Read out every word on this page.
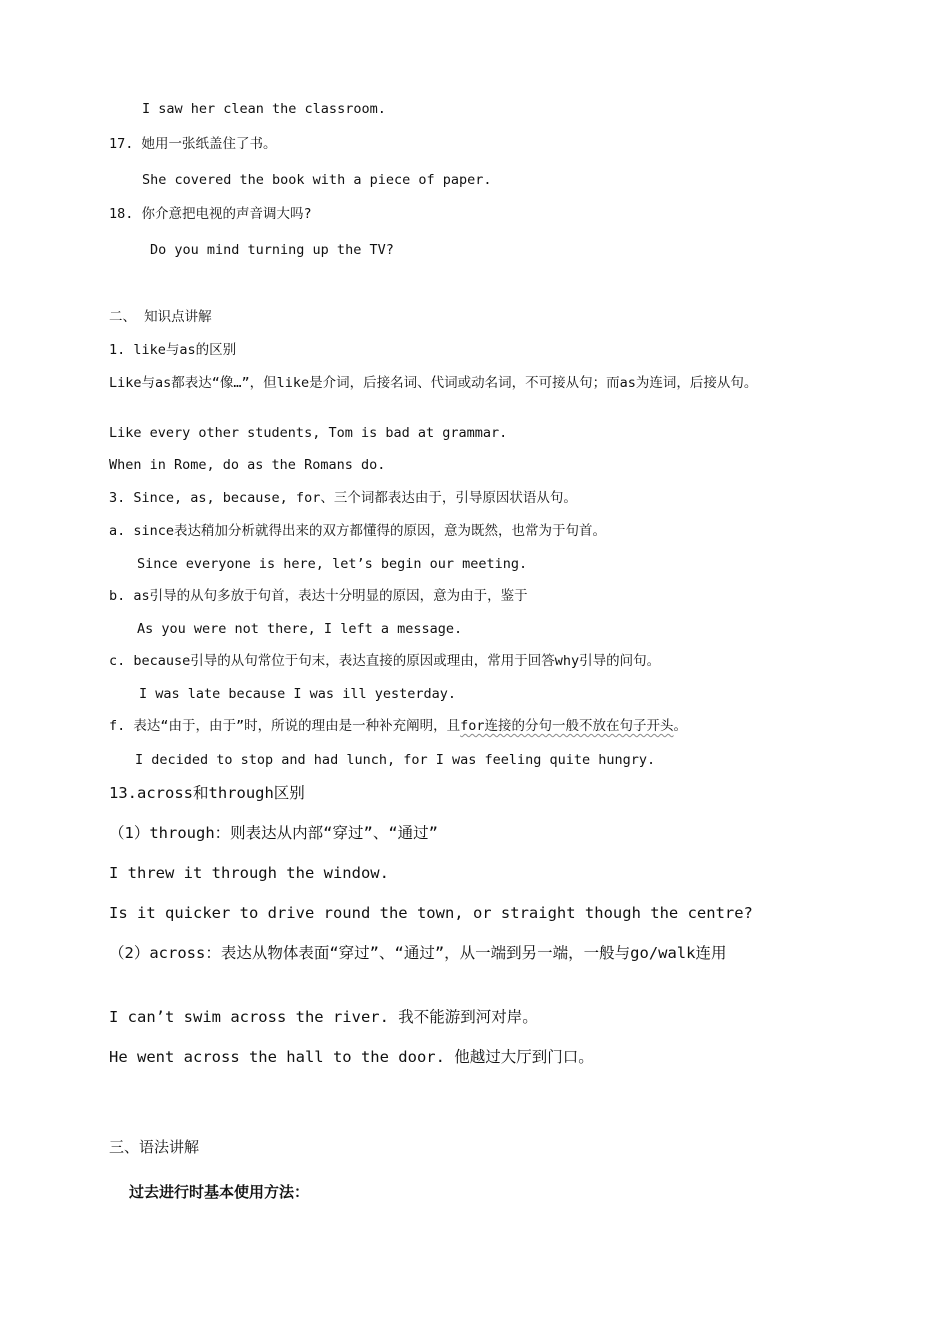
I saw her clean the classroom.
17. 她用一张纸盖住了书。
She covered the book with a piece of paper.
18. 你介意把电视的声音调大吗?
Do you mind turning up the TV?
二、 知识点讲解
1. like与as的区别
Like与as都表达“像…”，但like是介词，后接名词、代词或动名词，不可接从句；而as为连词，后接从句。
Like every other students, Tom is bad at grammar.
When in Rome, do as the Romans do.
3. Since, as, because, for、三个词都表达由于，引导原因状语从句。
a. since表达稍加分析就得出来的双方都懂得的原因，意为既然，也常为于句首。
Since everyone is here, let’s begin our meeting.
b. as引导的从句多放于句首，表达十分明显的原因，意为由于，鉴于
As you were not there, I left a message.
c. because引导的从句常位于句末，表达直接的原因或理由，常用于回答why引导的问句。
I was late because I was ill yesterday.
f. 表达“由于，由于”时，所说的理由是一种补充阐明，且for连接的分句一般不放在句子开头。
I decided to stop and had lunch, for I was feeling quite hungry.
13.across和through区别
（1）through：则表达从内部“穿过”、“通过”
I threw it through the window.
Is it quicker to drive round the town, or straight though the centre?
（2）across：表达从物体表面“穿过”、“通过”，从一端到另一端，一般与go/walk连用
I can’t swim across the river. 我不能游到河对岸。
He went across the hall to the door. 他越过大厅到门口。
三、语法讲解
过去进行时基本使用方法：
